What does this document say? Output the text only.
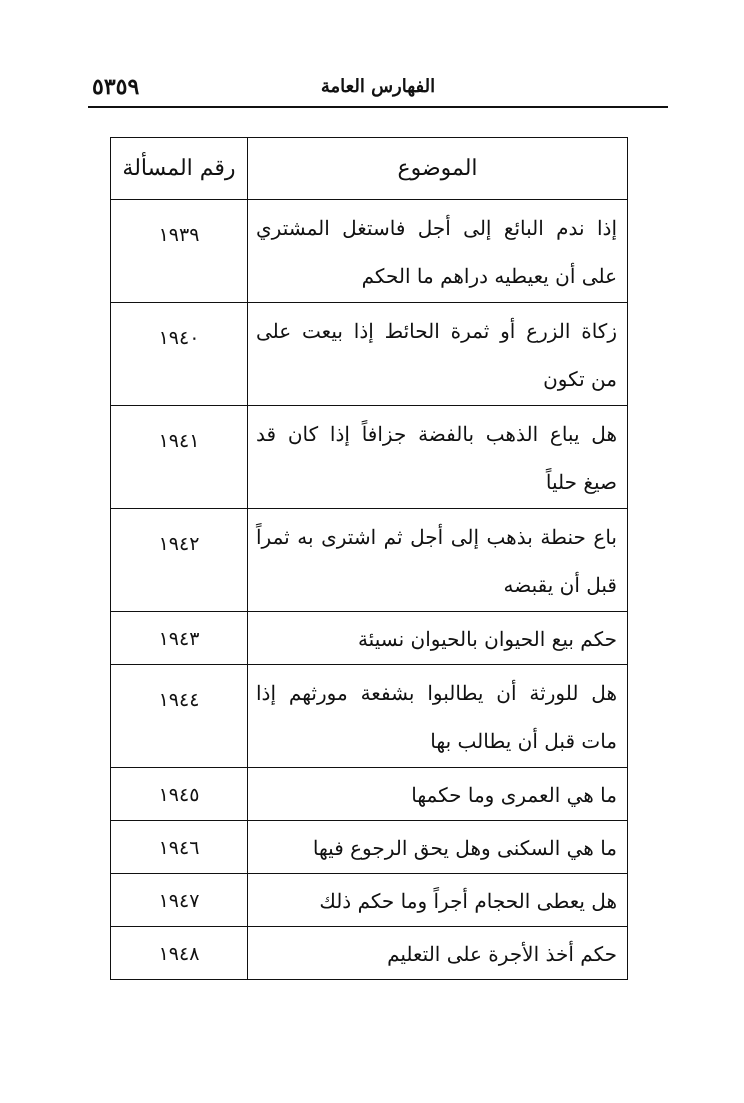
٥٣٥٩	الفهارس العامة
الموضوع	رقم المسألة
إذا ندم البائع إلى أجل فاستغل المشتري على أن يعيطيه دراهم ما الحكم	١٩٣٩
زكاة الزرع أو ثمرة الحائط إذا بيعت على من تكون	١٩٤٠
هل يباع الذهب بالفضة جزافاً إذا كان قد صيغ حلياً	١٩٤١
باع حنطة بذهب إلى أجل ثم اشترى به ثمراً قبل أن يقبضه	١٩٤٢
حكم بيع الحيوان بالحيوان نسيئة	١٩٤٣
هل للورثة أن يطالبوا بشفعة مورثهم إذا مات قبل أن يطالب بها	١٩٤٤
ما هي العمرى وما حكمها	١٩٤٥
ما هي السكنى وهل يحق الرجوع فيها	١٩٤٦
هل يعطى الحجام أجراً وما حكم ذلك	١٩٤٧
حكم أخذ الأجرة على التعليم	١٩٤٨
